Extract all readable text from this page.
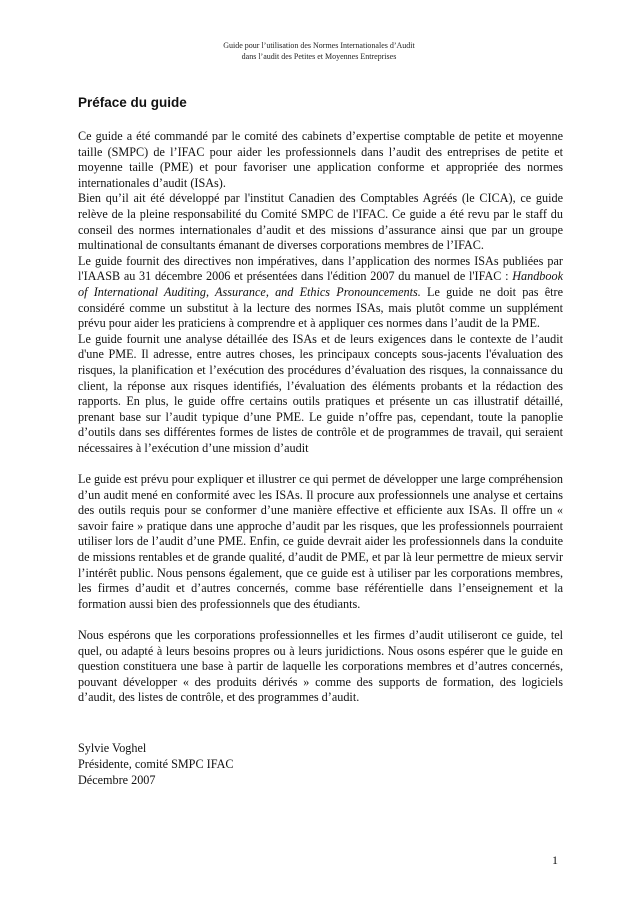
Guide pour l’utilisation des Normes Internationales d’Audit
dans l’audit des Petites et Moyennes Entreprises
Préface du guide

Ce guide a été commandé par le comité des cabinets d’expertise comptable de petite et moyenne taille (SMPC) de l’IFAC pour aider les professionnels dans l’audit des entreprises de petite et moyenne taille (PME) et pour favoriser une application conforme et appropriée des normes internationales d’audit (ISAs).

Bien qu’il ait été développé par l'institut Canadien des Comptables Agréés (le CICA), ce guide relève de la pleine responsabilité du Comité SMPC de l'IFAC. Ce guide a été revu par le staff du conseil des normes internationales d’audit et des missions d’assurance ainsi que par un groupe multinational de consultants émanant de diverses corporations membres de l’IFAC.

Le guide fournit des directives non impératives, dans l’application des normes ISAs publiées par l'IAASB au 31 décembre 2006 et présentées dans l'édition 2007 du manuel de l'IFAC : Handbook of International Auditing, Assurance, and Ethics Pronouncements. Le guide ne doit pas être considéré comme un substitut à la lecture des normes ISAs, mais plutôt comme un supplément prévu pour aider les praticiens à comprendre et à appliquer ces normes dans l’audit de la PME.

Le guide fournit une analyse détaillée des ISAs et de leurs exigences dans le contexte de l’audit d'une PME. Il adresse, entre autres choses, les principaux concepts sous-jacents l'évaluation des risques, la planification et l’exécution des procédures d’évaluation des risques, la connaissance du client, la réponse aux risques identifiés, l’évaluation des éléments probants et la rédaction des rapports. En plus, le guide offre certains outils pratiques et présente un cas illustratif détaillé, prenant base sur l’audit typique d’une PME. Le guide n’offre pas, cependant, toute la panoplie d’outils dans ses différentes formes de listes de contrôle et de programmes de travail, qui seraient nécessaires à l’exécution d’une mission d’audit

Le guide est prévu pour expliquer et illustrer ce qui permet de développer une large compréhension d’un audit mené en conformité avec les ISAs. Il procure aux professionnels une analyse et certains des outils requis pour se conformer d’une manière effective et efficiente aux ISAs. Il offre un « savoir faire » pratique dans une approche d’audit par les risques, que les professionnels pourraient utiliser lors de l’audit d’une PME. Enfin, ce guide devrait aider les professionnels dans la conduite de missions rentables et de grande qualité, d’audit de PME, et par là leur permettre de mieux servir l’intérêt public. Nous pensons également, que ce guide est à utiliser par les corporations membres, les firmes d’audit et d’autres concernés, comme base référentielle dans l’enseignement et la formation aussi bien des professionnels que des étudiants.

Nous espérons que les corporations professionnelles et les firmes d’audit utiliseront ce guide, tel quel, ou adapté à leurs besoins propres ou à leurs juridictions. Nous osons espérer que le guide en question constituera une base à partir de laquelle les corporations membres et d’autres concernés, pouvant développer « des produits dérivés » comme des supports de formation, des logiciels d’audit, des listes de contrôle, et des programmes d’audit.

Sylvie Voghel
Présidente, comité SMPC IFAC
Décembre 2007
1
